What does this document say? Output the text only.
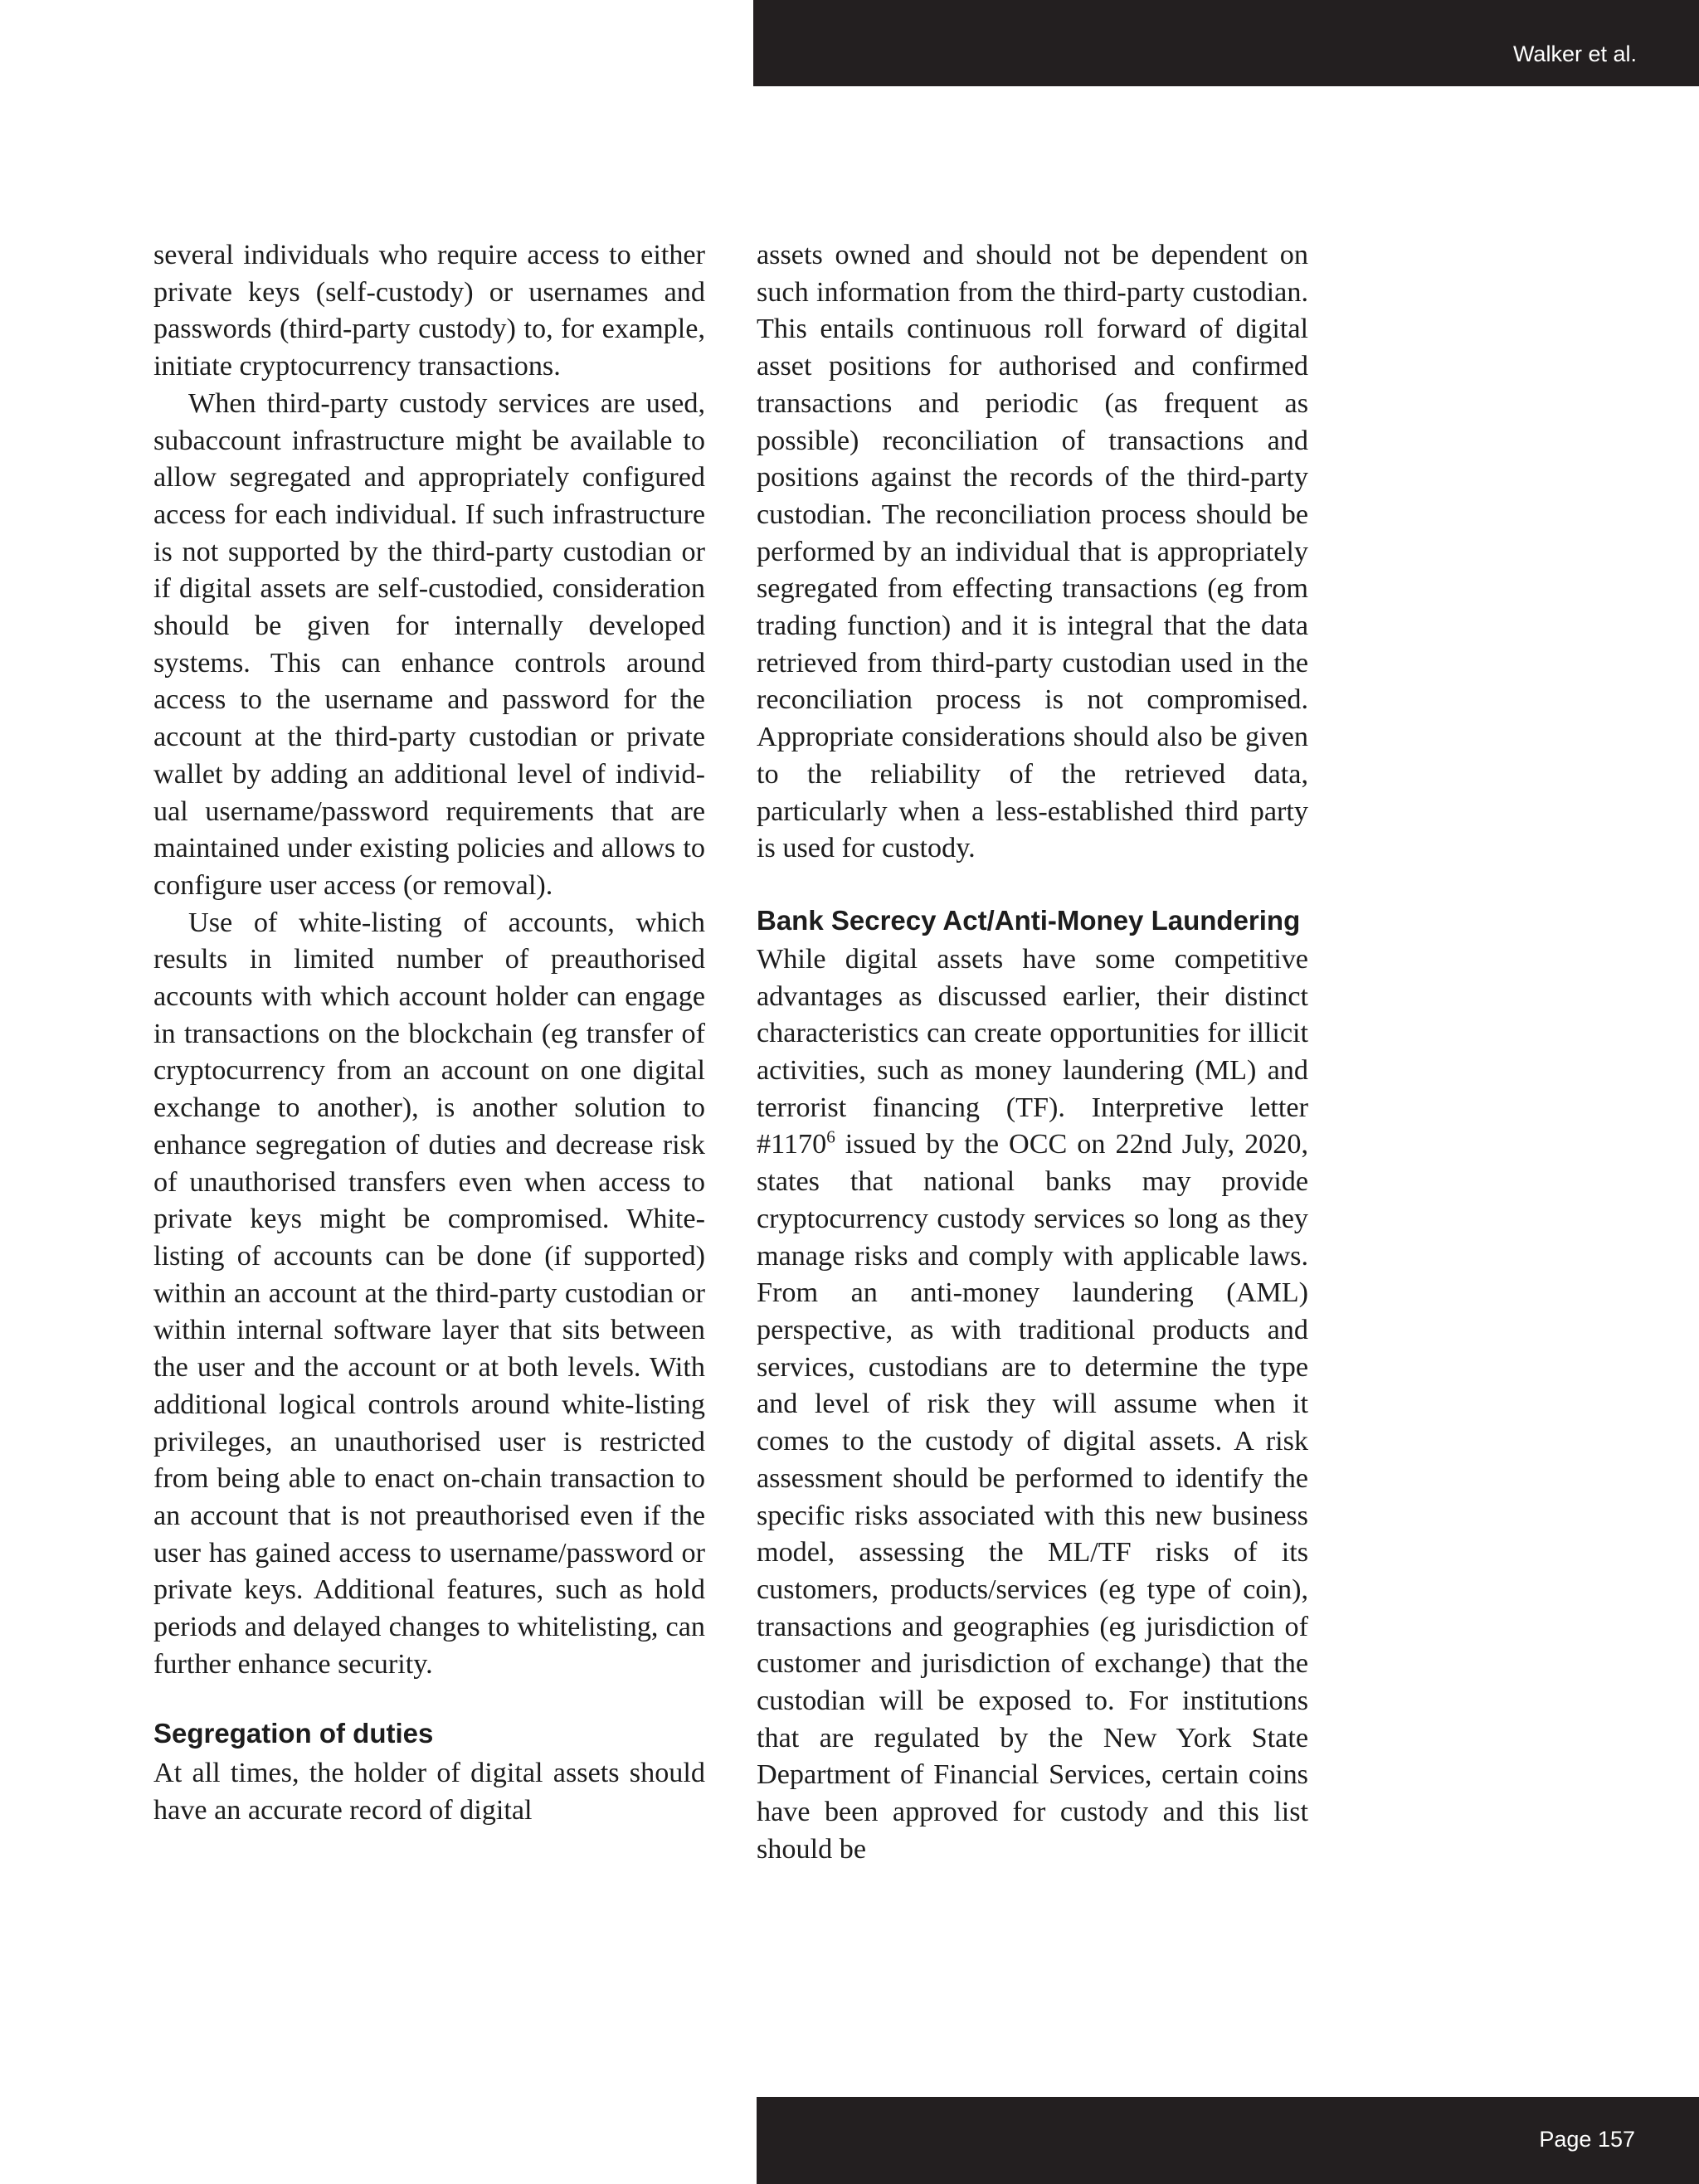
Walker et al.

several individuals who require access to either private keys (self-custody) or usernames and passwords (third-party custody) to, for example, initiate cryptocurrency transactions.

When third-party custody services are used, subaccount infrastructure might be available to allow segregated and appropriately configured access for each individual. If such infrastructure is not supported by the third-party custodian or if digital assets are self-custodied, consideration should be given for internally developed systems. This can enhance controls around access to the username and password for the account at the third-party custodian or private wallet by adding an additional level of individual username/password requirements that are maintained under existing policies and allows to configure user access (or removal).

Use of white-listing of accounts, which results in limited number of preauthorised accounts with which account holder can engage in transactions on the blockchain (eg transfer of cryptocurrency from an account on one digital exchange to another), is another solution to enhance segregation of duties and decrease risk of unauthorised transfers even when access to private keys might be compromised. White-listing of accounts can be done (if supported) within an account at the third-party custodian or within internal software layer that sits between the user and the account or at both levels. With additional logical controls around white-listing privileges, an unauthorised user is restricted from being able to enact on-chain transaction to an account that is not preauthorised even if the user has gained access to username/password or private keys. Additional features, such as hold periods and delayed changes to whitelisting, can further enhance security.

Segregation of duties

At all times, the holder of digital assets should have an accurate record of digital

assets owned and should not be dependent on such information from the third-party custodian. This entails continuous roll forward of digital asset positions for authorised and confirmed transactions and periodic (as frequent as possible) reconciliation of transactions and positions against the records of the third-party custodian. The reconciliation process should be performed by an individual that is appropriately segregated from effecting transactions (eg from trading function) and it is integral that the data retrieved from third-party custodian used in the reconciliation process is not compromised. Appropriate considerations should also be given to the reliability of the retrieved data, particularly when a less-established third party is used for custody.

Bank Secrecy Act/Anti-Money Laundering

While digital assets have some competitive advantages as discussed earlier, their distinct characteristics can create opportunities for illicit activities, such as money laundering (ML) and terrorist financing (TF). Interpretive letter #1170$^6$ issued by the OCC on 22nd July, 2020, states that national banks may provide cryptocurrency custody services so long as they manage risks and comply with applicable laws. From an anti-money laundering (AML) perspective, as with traditional products and services, custodians are to determine the type and level of risk they will assume when it comes to the custody of digital assets. A risk assessment should be performed to identify the specific risks associated with this new business model, assessing the ML/TF risks of its customers, products/services (eg type of coin), transactions and geographies (eg jurisdiction of customer and jurisdiction of exchange) that the custodian will be exposed to. For institutions that are regulated by the New York State Department of Financial Services, certain coins have been approved for custody and this list should be

Page 157
